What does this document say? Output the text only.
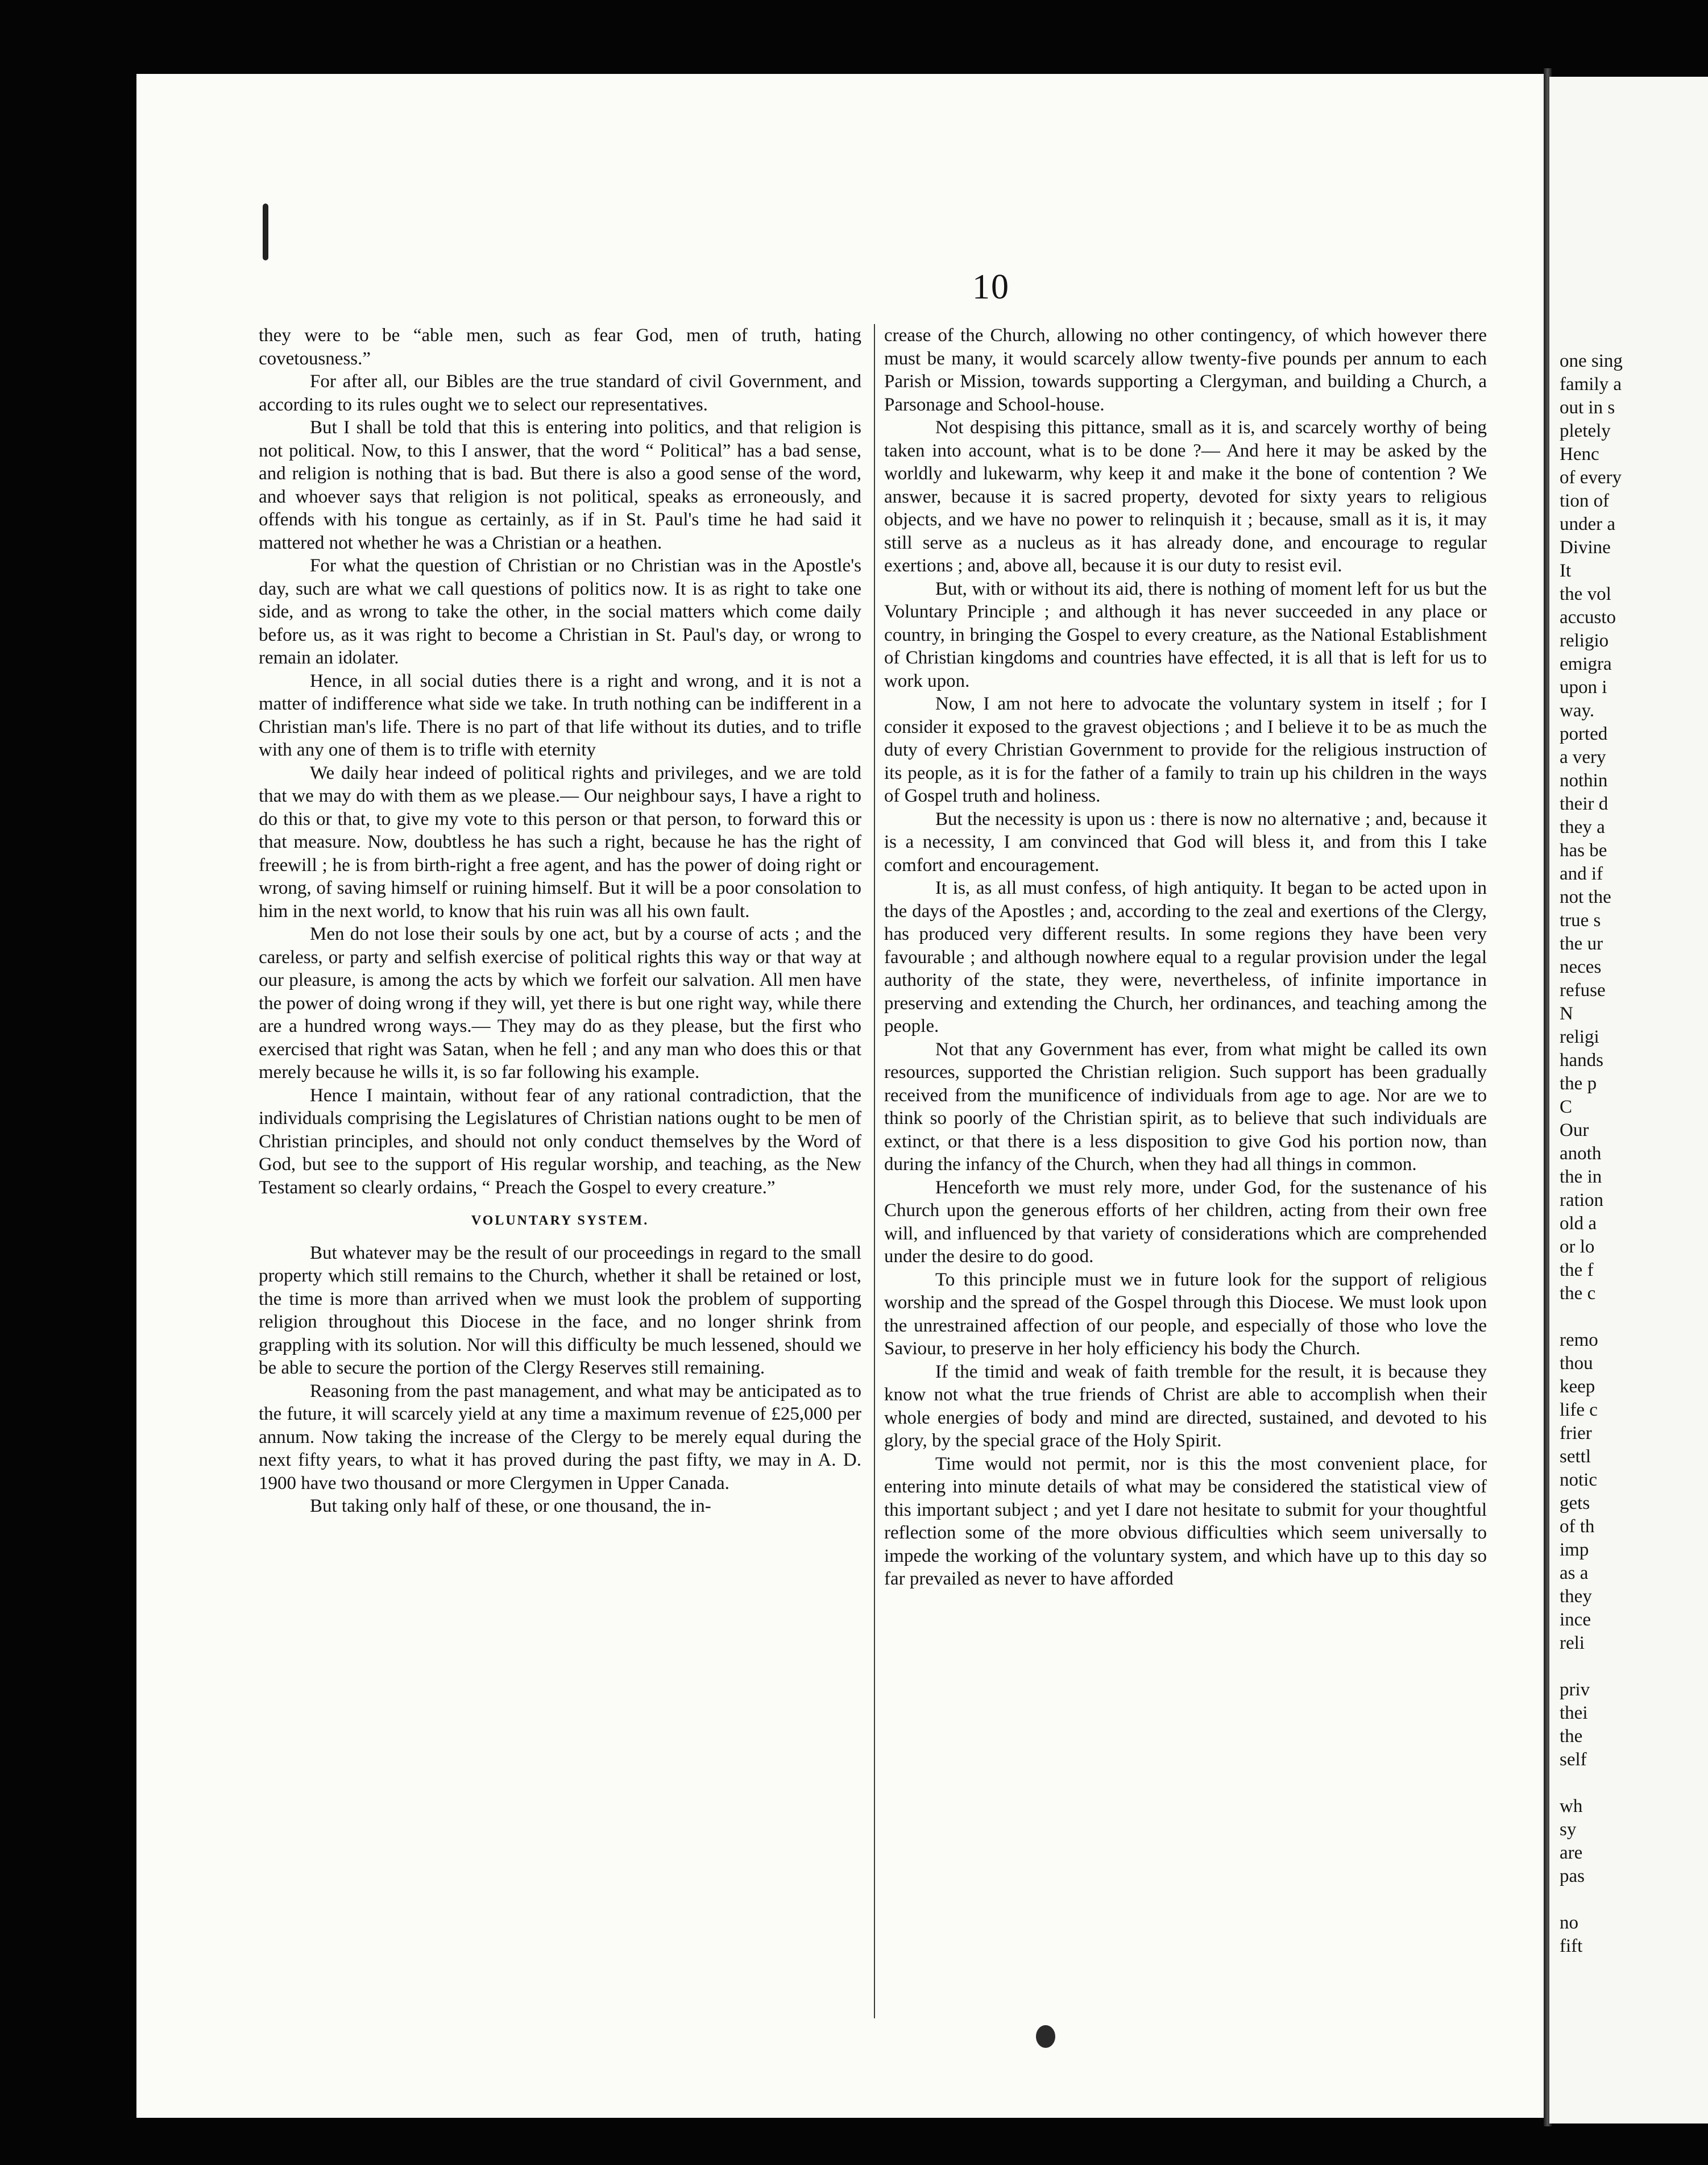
10

they were to be “able men, such as fear God, men of truth, hating covetousness.”

For after all, our Bibles are the true standard of civil Government, and according to its rules ought we to select our representatives.

But I shall be told that this is entering into politics, and that religion is not political. Now, to this I answer, that the word “ Political” has a bad sense, and religion is nothing that is bad. But there is also a good sense of the word, and whoever says that religion is not political, speaks as erroneously, and offends with his tongue as certainly, as if in St. Paul's time he had said it mattered not whether he was a Christian or a heathen.

For what the question of Christian or no Christian was in the Apostle's day, such are what we call questions of politics now. It is as right to take one side, and as wrong to take the other, in the social matters which come daily before us, as it was right to become a Christian in St. Paul's day, or wrong to remain an idolater.

Hence, in all social duties there is a right and wrong, and it is not a matter of indifference what side we take. In truth nothing can be indifferent in a Christian man's life. There is no part of that life without its duties, and to trifle with any one of them is to trifle with eternity

We daily hear indeed of political rights and privileges, and we are told that we may do with them as we please.— Our neighbour says, I have a right to do this or that, to give my vote to this person or that person, to forward this or that measure. Now, doubtless he has such a right, because he has the right of freewill ; he is from birth-right a free agent, and has the power of doing right or wrong, of saving himself or ruining himself. But it will be a poor consolation to him in the next world, to know that his ruin was all his own fault.

Men do not lose their souls by one act, but by a course of acts ; and the careless, or party and selfish exercise of political rights this way or that way at our pleasure, is among the acts by which we forfeit our salvation. All men have the power of doing wrong if they will, yet there is but one right way, while there are a hundred wrong ways.— They may do as they please, but the first who exercised that right was Satan, when he fell ; and any man who does this or that merely because he wills it, is so far following his example.

Hence I maintain, without fear of any rational contradiction, that the individuals comprising the Legislatures of Christian nations ought to be men of Christian principles, and should not only conduct themselves by the Word of God, but see to the support of His regular worship, and teaching, as the New Testament so clearly ordains, “ Preach the Gospel to every creature.”

VOLUNTARY SYSTEM.

But whatever may be the result of our proceedings in regard to the small property which still remains to the Church, whether it shall be retained or lost, the time is more than arrived when we must look the problem of supporting religion throughout this Diocese in the face, and no longer shrink from grappling with its solution. Nor will this difficulty be much lessened, should we be able to secure the portion of the Clergy Reserves still remaining.

Reasoning from the past management, and what may be anticipated as to the future, it will scarcely yield at any time a maximum revenue of £25,000 per annum. Now taking the increase of the Clergy to be merely equal during the next fifty years, to what it has proved during the past fifty, we may in A. D. 1900 have two thousand or more Clergymen in Upper Canada.

But taking only half of these, or one thousand, the in-

crease of the Church, allowing no other contingency, of which however there must be many, it would scarcely allow twenty-five pounds per annum to each Parish or Mission, towards supporting a Clergyman, and building a Church, a Parsonage and School-house.

Not despising this pittance, small as it is, and scarcely worthy of being taken into account, what is to be done ?— And here it may be asked by the worldly and lukewarm, why keep it and make it the bone of contention ? We answer, because it is sacred property, devoted for sixty years to religious objects, and we have no power to relinquish it ; because, small as it is, it may still serve as a nucleus as it has already done, and encourage to regular exertions ; and, above all, because it is our duty to resist evil.

But, with or without its aid, there is nothing of moment left for us but the Voluntary Principle ; and although it has never succeeded in any place or country, in bringing the Gospel to every creature, as the National Establishment of Christian kingdoms and countries have effected, it is all that is left for us to work upon.

Now, I am not here to advocate the voluntary system in itself ; for I consider it exposed to the gravest objections ; and I believe it to be as much the duty of every Christian Government to provide for the religious instruction of its people, as it is for the father of a family to train up his children in the ways of Gospel truth and holiness.

But the necessity is upon us : there is now no alternative ; and, because it is a necessity, I am convinced that God will bless it, and from this I take comfort and encouragement.

It is, as all must confess, of high antiquity. It began to be acted upon in the days of the Apostles ; and, according to the zeal and exertions of the Clergy, has produced very different results. In some regions they have been very favourable ; and although nowhere equal to a regular provision under the legal authority of the state, they were, nevertheless, of infinite importance in preserving and extending the Church, her ordinances, and teaching among the people.

Not that any Government has ever, from what might be called its own resources, supported the Christian religion. Such support has been gradually received from the munificence of individuals from age to age. Nor are we to think so poorly of the Christian spirit, as to believe that such individuals are extinct, or that there is a less disposition to give God his portion now, than during the infancy of the Church, when they had all things in common.

Henceforth we must rely more, under God, for the sustenance of his Church upon the generous efforts of her children, acting from their own free will, and influenced by that variety of considerations which are comprehended under the desire to do good.

To this principle must we in future look for the support of religious worship and the spread of the Gospel through this Diocese. We must look upon the unrestrained affection of our people, and especially of those who love the Saviour, to preserve in her holy efficiency his body the Church.

If the timid and weak of faith tremble for the result, it is because they know not what the true friends of Christ are able to accomplish when their whole energies of body and mind are directed, sustained, and devoted to his glory, by the special grace of the Holy Spirit.

Time would not permit, nor is this the most convenient place, for entering into minute details of what may be considered the statistical view of this important subject ; and yet I dare not hesitate to submit for your thoughtful reflection some of the more obvious difficulties which seem universally to impede the working of the voluntary system, and which have up to this day so far prevailed as never to have afforded

one sing
family a
out in s
pletely
Henc
of every
tion of
under a
Divine
It
the vol
accusto
religio
emigra
upon i
way.
ported
a very
nothin
their d
they a
has be
and if
not the
true s
the ur
neces
refuse
N
religi
hands
the p
C
Our
anoth
the in
ration
old a
or lo
the f
the c
remo
thou
keep
life c
frier
settl
notic
gets
of th
imp
as a
they
ince
reli
priv
thei
the
self
wh
sy
are
pas
no
fift
